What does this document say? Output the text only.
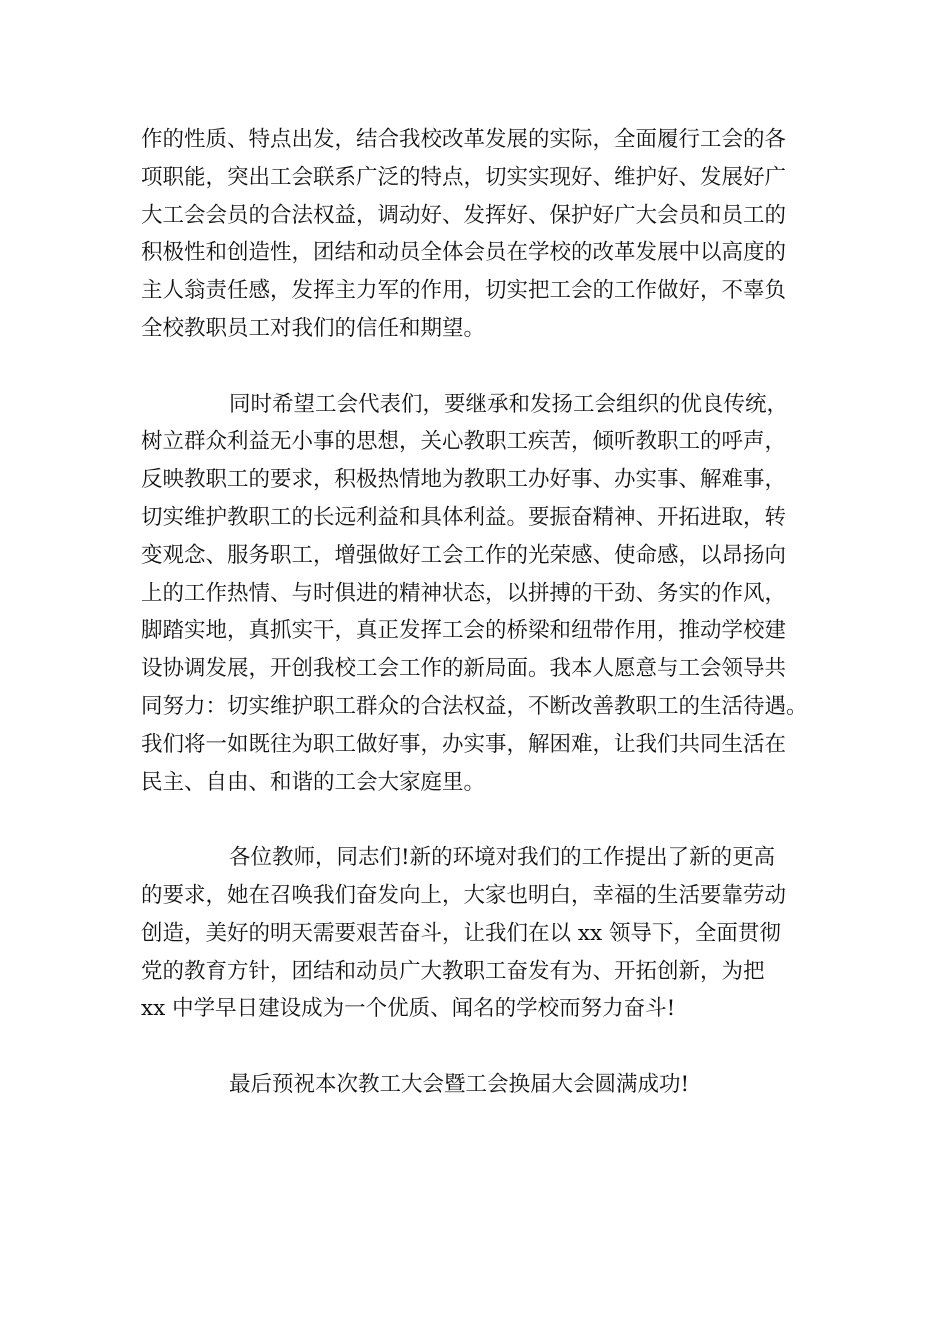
作的性质、特点出发，结合我校改革发展的实际，全面履行工会的各
项职能，突出工会联系广泛的特点，切实实现好、维护好、发展好广
大工会会员的合法权益，调动好、发挥好、保护好广大会员和员工的
积极性和创造性，团结和动员全体会员在学校的改革发展中以高度的
主人翁责任感，发挥主力军的作用，切实把工会的工作做好，不辜负
全校教职员工对我们的信任和期望。
同时希望工会代表们，要继承和发扬工会组织的优良传统，
树立群众利益无小事的思想，关心教职工疾苦，倾听教职工的呼声，
反映教职工的要求，积极热情地为教职工办好事、办实事、解难事，
切实维护教职工的长远利益和具体利益。要振奋精神、开拓进取，转
变观念、服务职工，增强做好工会工作的光荣感、使命感，以昂扬向
上的工作热情、与时俱进的精神状态，以拼搏的干劲、务实的作风，
脚踏实地，真抓实干，真正发挥工会的桥梁和纽带作用，推动学校建
设协调发展，开创我校工会工作的新局面。我本人愿意与工会领导共
同努力：切实维护职工群众的合法权益，不断改善教职工的生活待遇。
我们将一如既往为职工做好事，办实事，解困难，让我们共同生活在
民主、自由、和谐的工会大家庭里。
各位教师，同志们!新的环境对我们的工作提出了新的更高
的要求，她在召唤我们奋发向上，大家也明白，幸福的生活要靠劳动
创造，美好的明天需要艰苦奋斗，让我们在以 xx 领导下，全面贯彻
党的教育方针，团结和动员广大教职工奋发有为、开拓创新，为把
xx 中学早日建设成为一个优质、闻名的学校而努力奋斗!
最后预祝本次教工大会暨工会换届大会圆满成功!
